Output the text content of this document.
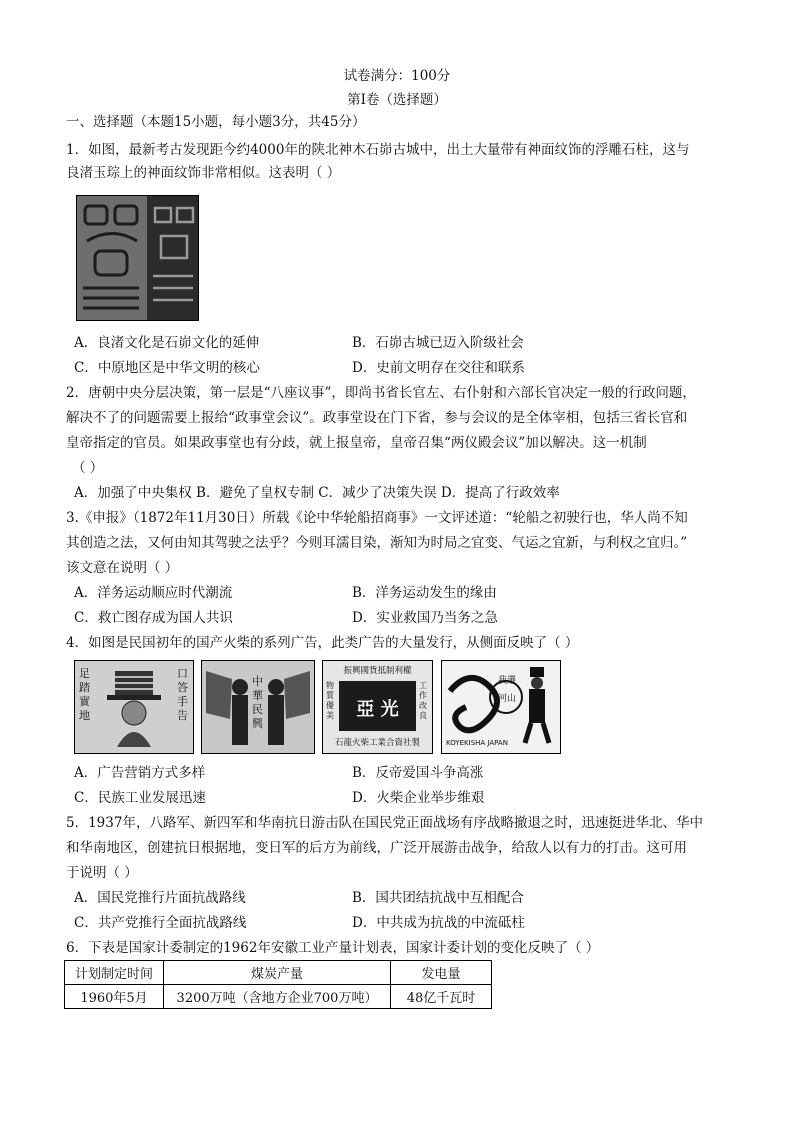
试卷满分：100分
第Ⅰ卷（选择题）
一、选择题（本题15小题，每小题3分，共45分）
1．如图，最新考古发现距今约4000年的陕北神木石峁古城中，出土大量带有神面纹饰的浮雕石柱，这与
良渚玉琮上的神面纹饰非常相似。这表明（ ）
A．良渚文化是石峁文化的延伸	B．石峁古城已迈入阶级社会
C．中原地区是中华文明的核心	D．史前文明存在交往和联系
2．唐朝中央分层决策，第一层是“八座议事”，即尚书省长官左、右仆射和六部长官决定一般的行政问题，
解决不了的问题需要上报给“政事堂会议”。政事堂设在门下省，参与会议的是全体宰相，包括三省长官和
皇帝指定的官员。如果政事堂也有分歧，就上报皇帝，皇帝召集“两仪殿会议”加以解决。这一机制
（ ）
A．加强了中央集权 B．避免了皇权专制 C．减少了决策失误 D．提高了行政效率
3.《申报》（1872年11月30日）所载《论中华轮船招商事》一文评述道：“轮船之初驶行也，华人尚不知
其创造之法，又何由知其驾驶之法乎？今则耳濡目染，渐知为时局之宜变、气运之宜新，与利权之宜归。”
该文意在说明（ ）
A．洋务运动顺应时代潮流	B．洋务运动发生的缘由
C．救亡图存成为国人共识	D．实业救国乃当务之急
4．如图是民国初年的国产火柴的系列广告，此类广告的大量发行，从侧面反映了（ ）
足踏實地
口答手告
中華民興
振興國貨抵制利權
物質優美
工作改良
亞 光
石龍火柴工業合資社製
我選
河山
KOYEKISHA JAPAN
A．广告营销方式多样	B．反帝爱国斗争高涨
C．民族工业发展迅速	D．火柴企业举步维艰
5．1937年，八路军、新四军和华南抗日游击队在国民党正面战场有序战略撤退之时，迅速挺进华北、华中
和华南地区，创建抗日根据地，变日军的后方为前线，广泛开展游击战争，给敌人以有力的打击。这可用
于说明（ ）
A．国民党推行片面抗战路线	B．国共团结抗战中互相配合
C．共产党推行全面抗战路线	D．中共成为抗战的中流砥柱
6．下表是国家计委制定的1962年安徽工业产量计划表，国家计委计划的变化反映了（ ）
计划制定时间	煤炭产量	发电量
1960年5月	3200万吨（含地方企业700万吨）	48亿千瓦时
